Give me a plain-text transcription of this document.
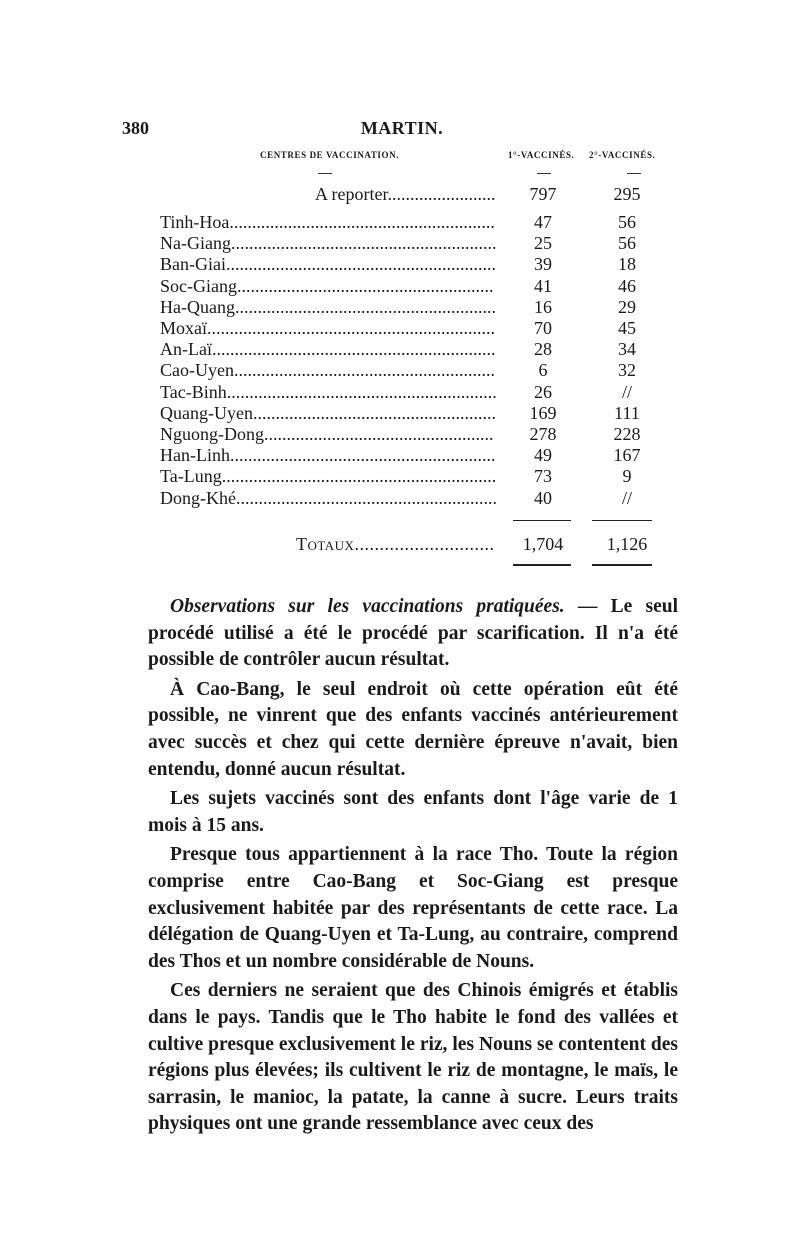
380	MARTIN.
CENTRES DE VACCINATION.	1°-VACCINÉS. 2°-VACCINÉS.
A reporter........................	797	295
Tinh-Hoa...........................................................	47	56
Na-Giang...........................................................	25	56
Ban-Giai............................................................	39	18
Soc-Giang.........................................................	41	46
Ha-Quang..........................................................	16	29
Moxaï................................................................	70	45
An-Laï...............................................................	28	34
Cao-Uyen..........................................................	6	32
Tac-Binh............................................................	26	//
Quang-Uyen......................................................	169	111
Nguong-Dong...................................................	278	228
Han-Linh...........................................................	49	167
Ta-Lung.............................................................	73	9
Dong-Khé..........................................................	40	//
Totaux............................	1,704	1,126

Observations sur les vaccinations pratiquées. — Le seul procédé utilisé a été le procédé par scarification. Il n'a été possible de contrôler aucun résultat.

À Cao-Bang, le seul endroit où cette opération eût été possible, ne vinrent que des enfants vaccinés antérieurement avec succès et chez qui cette dernière épreuve n'avait, bien entendu, donné aucun résultat.

Les sujets vaccinés sont des enfants dont l'âge varie de 1 mois à 15 ans.

Presque tous appartiennent à la race Tho. Toute la région comprise entre Cao-Bang et Soc-Giang est presque exclusivement habitée par des représentants de cette race. La délégation de Quang-Uyen et Ta-Lung, au contraire, comprend des Thos et un nombre considérable de Nouns.

Ces derniers ne seraient que des Chinois émigrés et établis dans le pays. Tandis que le Tho habite le fond des vallées et cultive presque exclusivement le riz, les Nouns se contentent des régions plus élevées; ils cultivent le riz de montagne, le maïs, le sarrasin, le manioc, la patate, la canne à sucre. Leurs traits physiques ont une grande ressemblance avec ceux des
